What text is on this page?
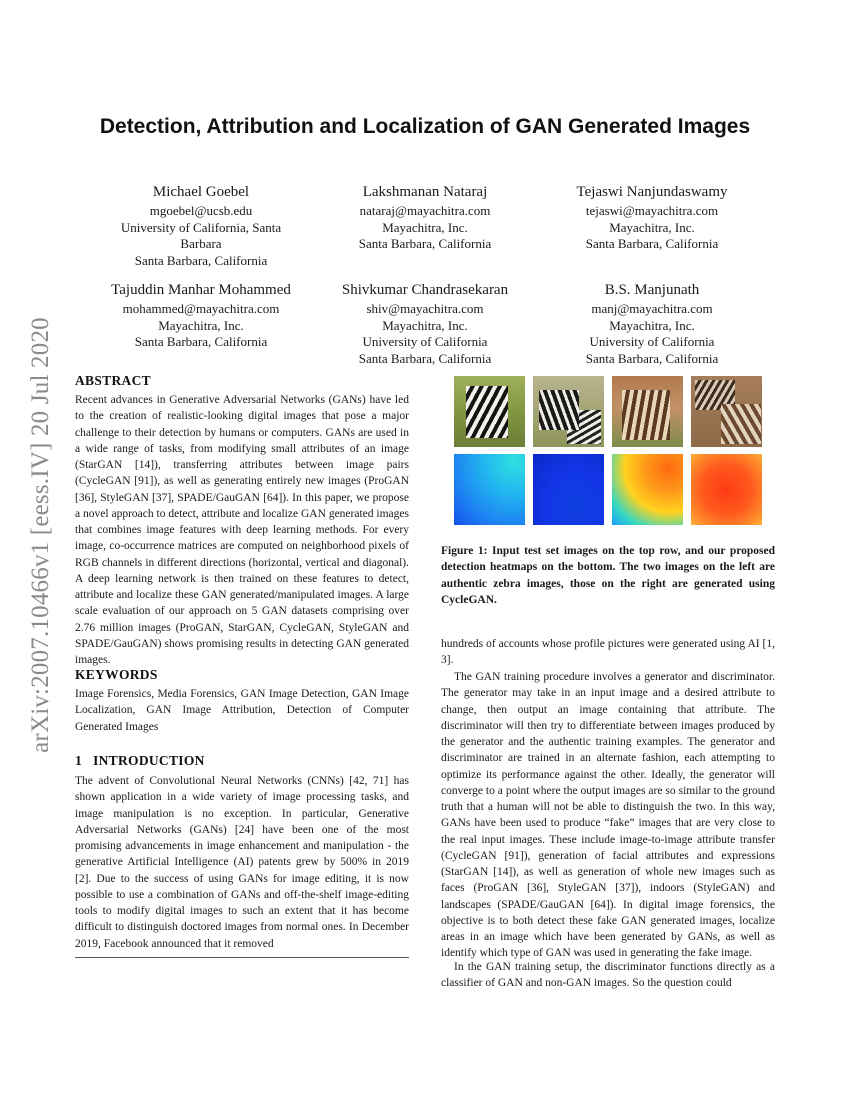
arXiv:2007.10466v1 [eess.IV] 20 Jul 2020
Detection, Attribution and Localization of GAN Generated Images
Michael Goebel
mgoebel@ucsb.edu
University of California, Santa
Barbara
Santa Barbara, California
Lakshmanan Nataraj
nataraj@mayachitra.com
Mayachitra, Inc.
Santa Barbara, California
Tejaswi Nanjundaswamy
tejaswi@mayachitra.com
Mayachitra, Inc.
Santa Barbara, California
Tajuddin Manhar Mohammed
mohammed@mayachitra.com
Mayachitra, Inc.
Santa Barbara, California
Shivkumar Chandrasekaran
shiv@mayachitra.com
Mayachitra, Inc.
University of California
Santa Barbara, California
B.S. Manjunath
manj@mayachitra.com
Mayachitra, Inc.
University of California
Santa Barbara, California
ABSTRACT

Recent advances in Generative Adversarial Networks (GANs) have led to the creation of realistic-looking digital images that pose a major challenge to their detection by humans or computers. GANs are used in a wide range of tasks, from modifying small attributes of an image (StarGAN [14]), transferring attributes between image pairs (CycleGAN [91]), as well as generating entirely new images (ProGAN [36], StyleGAN [37], SPADE/GauGAN [64]). In this paper, we propose a novel approach to detect, attribute and localize GAN generated images that combines image features with deep learning methods. For every image, co-occurrence matrices are computed on neighborhood pixels of RGB channels in different directions (horizontal, vertical and diagonal). A deep learning network is then trained on these features to detect, attribute and localize these GAN generated/manipulated images. A large scale evaluation of our approach on 5 GAN datasets comprising over 2.76 million images (ProGAN, StarGAN, CycleGAN, StyleGAN and SPADE/GauGAN) shows promising results in detecting GAN generated images.

KEYWORDS

Image Forensics, Media Forensics, GAN Image Detection, GAN Image Localization, GAN Image Attribution, Detection of Computer Generated Images

1   INTRODUCTION

The advent of Convolutional Neural Networks (CNNs) [42, 71] has shown application in a wide variety of image processing tasks, and image manipulation is no exception. In particular, Generative Adversarial Networks (GANs) [24] have been one of the most promising advancements in image enhancement and manipulation - the generative Artificial Intelligence (AI) patents grew by 500% in 2019 [2]. Due to the success of using GANs for image editing, it is now possible to use a combination of GANs and off-the-shelf image-editing tools to modify digital images to such an extent that it has become difficult to distinguish doctored images from normal ones. In December 2019, Facebook announced that it removed

Figure 1: Input test set images on the top row, and our proposed detection heatmaps on the bottom. The two images on the left are authentic zebra images, those on the right are generated using CycleGAN.

hundreds of accounts whose profile pictures were generated using AI [1, 3].

The GAN training procedure involves a generator and discriminator. The generator may take in an input image and a desired attribute to change, then output an image containing that attribute. The discriminator will then try to differentiate between images produced by the generator and the authentic training examples. The generator and discriminator are trained in an alternate fashion, each attempting to optimize its performance against the other. Ideally, the generator will converge to a point where the output images are so similar to the ground truth that a human will not be able to distinguish the two. In this way, GANs have been used to produce “fake” images that are very close to the real input images. These include image-to-image attribute transfer (CycleGAN [91]), generation of facial attributes and expressions (StarGAN [14]), as well as generation of whole new images such as faces (ProGAN [36], StyleGAN [37]), indoors (StyleGAN) and landscapes (SPADE/GauGAN [64]). In digital image forensics, the objective is to both detect these fake GAN generated images, localize areas in an image which have been generated by GANs, as well as identify which type of GAN was used in generating the fake image.

In the GAN training setup, the discriminator functions directly as a classifier of GAN and non-GAN images. So the question could
